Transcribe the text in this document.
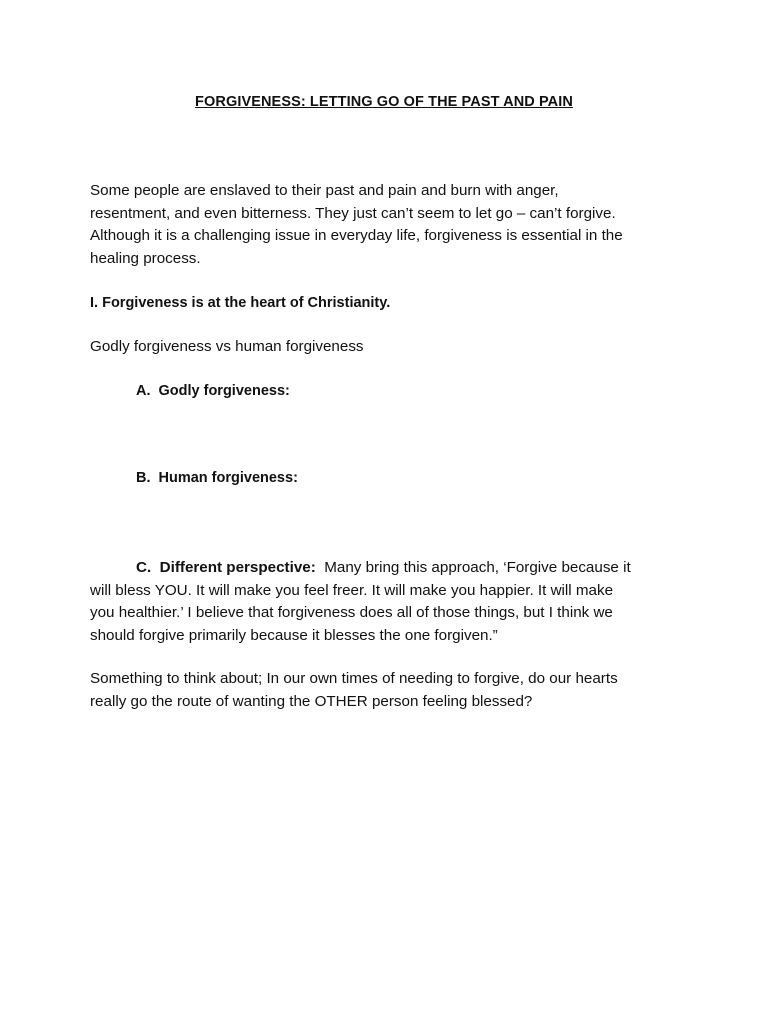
FORGIVENESS: LETTING GO OF THE PAST AND PAIN

Some people are enslaved to their past and pain and burn with anger,
resentment, and even bitterness. They just can’t seem to let go – can’t forgive.
Although it is a challenging issue in everyday life, forgiveness is essential in the
healing process.

I. Forgiveness is at the heart of Christianity.
Godly forgiveness vs human forgiveness
A. Godly forgiveness:
B. Human forgiveness:

C. Different perspective: Many bring this approach, ‘Forgive because it
will bless YOU. It will make you feel freer. It will make you happier. It will make
you healthier.’ I believe that forgiveness does all of those things, but I think we
should forgive primarily because it blesses the one forgiven.”

Something to think about; In our own times of needing to forgive, do our hearts
really go the route of wanting the OTHER person feeling blessed?
